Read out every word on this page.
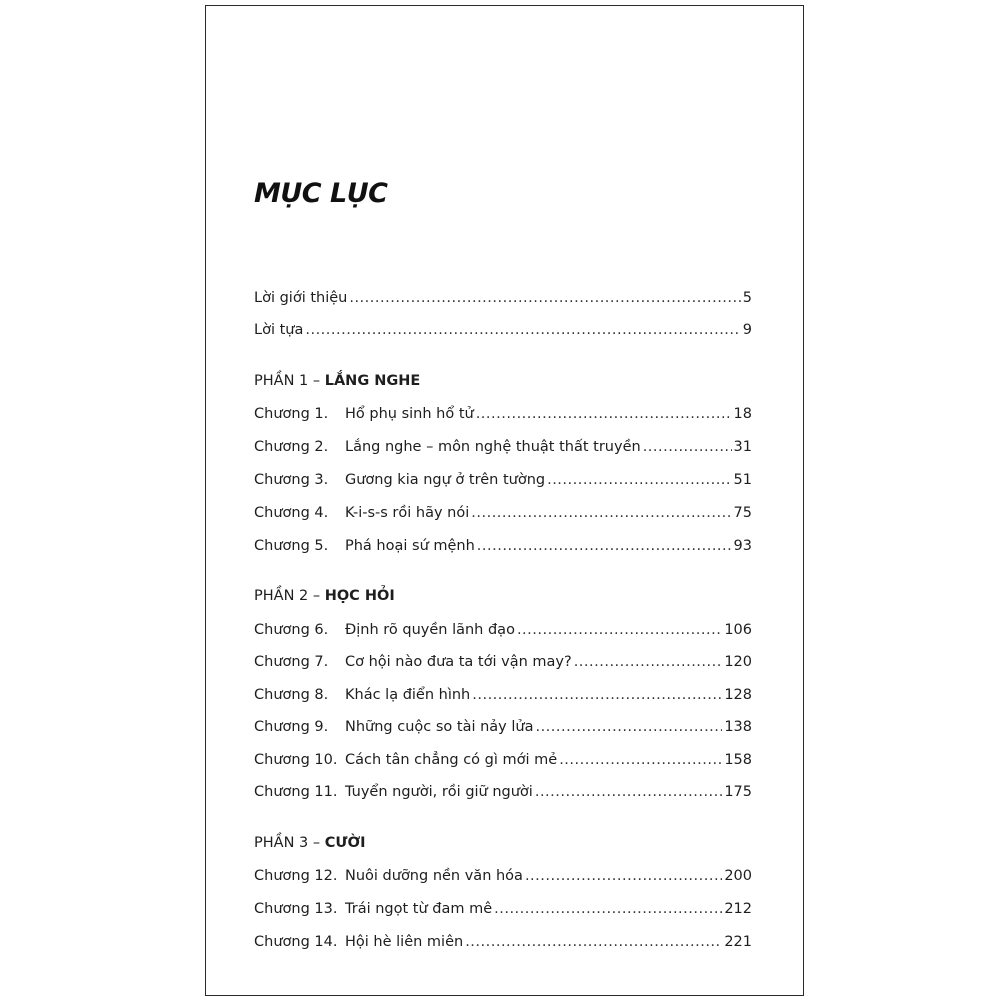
MỤC LỤC
Lời giới thiệu .....	5
Lời tựa .....	9
PHẦN 1 – LẮNG NGHE
Chương 1.	Hổ phụ sinh hổ tử .....	18
Chương 2.	Lắng nghe – môn nghệ thuật thất truyền .....	31
Chương 3.	Gương kia ngự ở trên tường .....	51
Chương 4.	K-i-s-s rồi hãy nói .....	75
Chương 5.	Phá hoại sứ mệnh .....	93
PHẦN 2 – HỌC HỎI
Chương 6.	Định rõ quyền lãnh đạo .....	106
Chương 7.	Cơ hội nào đưa ta tới vận may? .....	120
Chương 8.	Khác lạ điển hình .....	128
Chương 9.	Những cuộc so tài nảy lửa .....	138
Chương 10. Cách tân chẳng có gì mới mẻ .....	158
Chương 11. Tuyển người, rồi giữ người .....	175
PHẦN 3 – CƯỜI
Chương 12. Nuôi dưỡng nền văn hóa .....	200
Chương 13. Trái ngọt từ đam mê .....	212
Chương 14. Hội hè liên miên .....	221
